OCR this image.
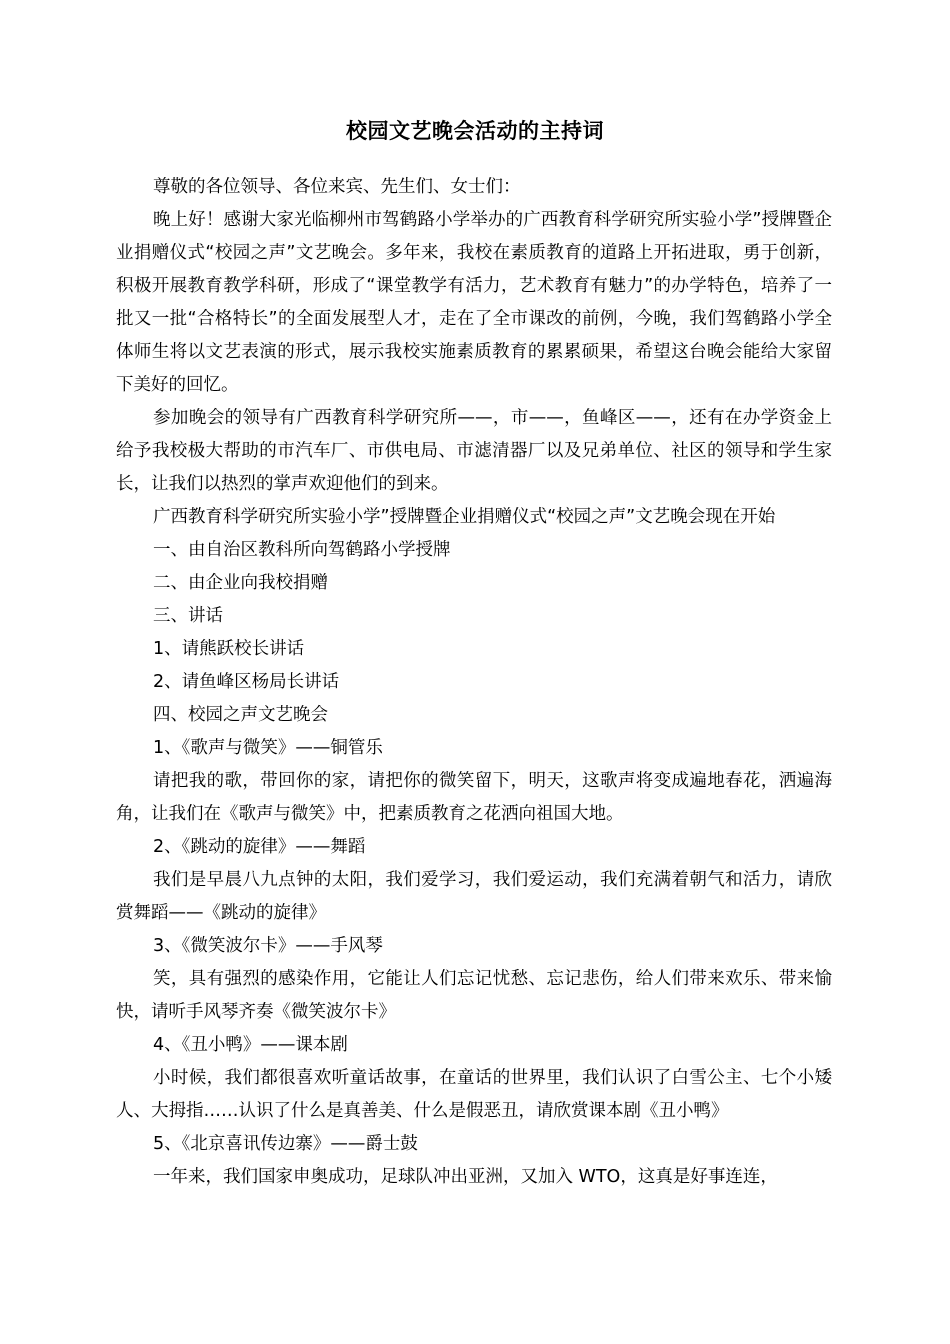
校园文艺晚会活动的主持词

尊敬的各位领导、各位来宾、先生们、女士们：

晚上好！感谢大家光临柳州市驾鹤路小学举办的广西教育科学研究所实验小学”授牌暨企业捐赠仪式“校园之声”文艺晚会。多年来，我校在素质教育的道路上开拓进取，勇于创新，积极开展教育教学科研，形成了“课堂教学有活力，艺术教育有魅力”的办学特色，培养了一批又一批“合格特长”的全面发展型人才，走在了全市课改的前例，今晚，我们驾鹤路小学全体师生将以文艺表演的形式，展示我校实施素质教育的累累硕果，希望这台晚会能给大家留下美好的回忆。

参加晚会的领导有广西教育科学研究所——，市——，鱼峰区——，还有在办学资金上给予我校极大帮助的市汽车厂、市供电局、市滤清器厂以及兄弟单位、社区的领导和学生家长，让我们以热烈的掌声欢迎他们的到来。

广西教育科学研究所实验小学”授牌暨企业捐赠仪式“校园之声”文艺晚会现在开始

一、由自治区教科所向驾鹤路小学授牌

二、由企业向我校捐赠

三、讲话

1、请熊跃校长讲话

2、请鱼峰区杨局长讲话

四、校园之声文艺晚会

1、《歌声与微笑》——铜管乐

请把我的歌，带回你的家，请把你的微笑留下，明天，这歌声将变成遍地春花，洒遍海角，让我们在《歌声与微笑》中，把素质教育之花洒向祖国大地。

2、《跳动的旋律》——舞蹈

我们是早晨八九点钟的太阳，我们爱学习，我们爱运动，我们充满着朝气和活力，请欣赏舞蹈——《跳动的旋律》

3、《微笑波尔卡》——手风琴

笑，具有强烈的感染作用，它能让人们忘记忧愁、忘记悲伤，给人们带来欢乐、带来愉快，请听手风琴齐奏《微笑波尔卡》

4、《丑小鸭》——课本剧

小时候，我们都很喜欢听童话故事，在童话的世界里，我们认识了白雪公主、七个小矮人、大拇指……认识了什么是真善美、什么是假恶丑，请欣赏课本剧《丑小鸭》

5、《北京喜讯传边寨》——爵士鼓

一年来，我们国家申奥成功，足球队冲出亚洲，又加入 WTO，这真是好事连连，
